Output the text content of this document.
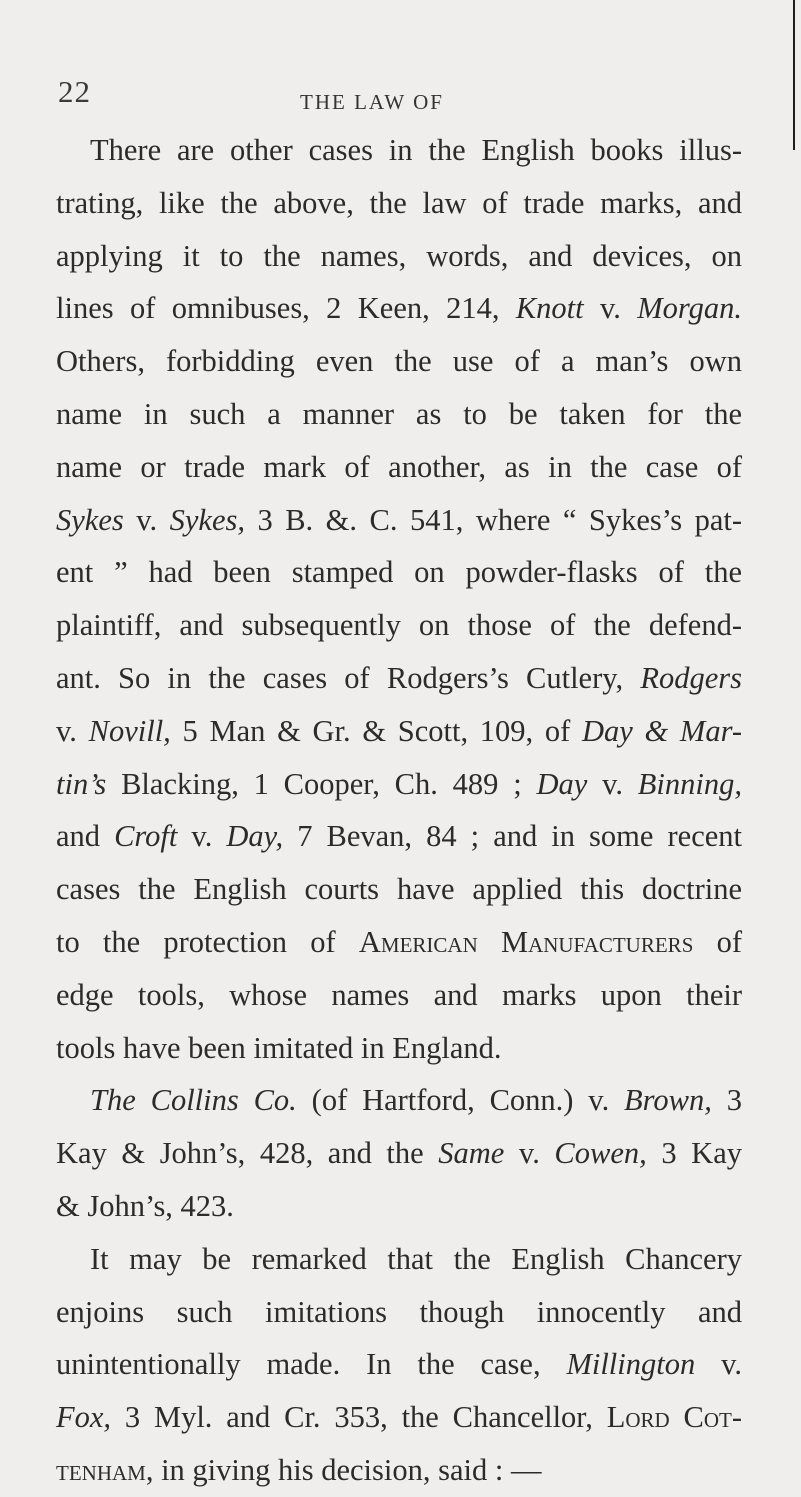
22	THE LAW OF
There are other cases in the English books illus-
trating, like the above, the law of trade marks, and
applying it to the names, words, and devices, on
lines of omnibuses, 2 Keen, 214, Knott v. Morgan.
Others, forbidding even the use of a man’s own
name in such a manner as to be taken for the
name or trade mark of another, as in the case of
Sykes v. Sykes, 3 B. &. C. 541, where “ Sykes’s pat-
ent ” had been stamped on powder-flasks of the
plaintiff, and subsequently on those of the defend-
ant. So in the cases of Rodgers’s Cutlery, Rodgers
v. Novill, 5 Man & Gr. & Scott, 109, of Day & Mar-
tin’s Blacking, 1 Cooper, Ch. 489 ; Day v. Binning,
and Croft v. Day, 7 Bevan, 84 ; and in some recent
cases the English courts have applied this doctrine
to the protection of American Manufacturers of
edge tools, whose names and marks upon their
tools have been imitated in England.
The Collins Co. (of Hartford, Conn.) v. Brown, 3
Kay & John’s, 428, and the Same v. Cowen, 3 Kay
& John’s, 423.
It may be remarked that the English Chancery
enjoins such imitations though innocently and
unintentionally made. In the case, Millington v.
Fox, 3 Myl. and Cr. 353, the Chancellor, Lord Cot-
tenham, in giving his decision, said : —
